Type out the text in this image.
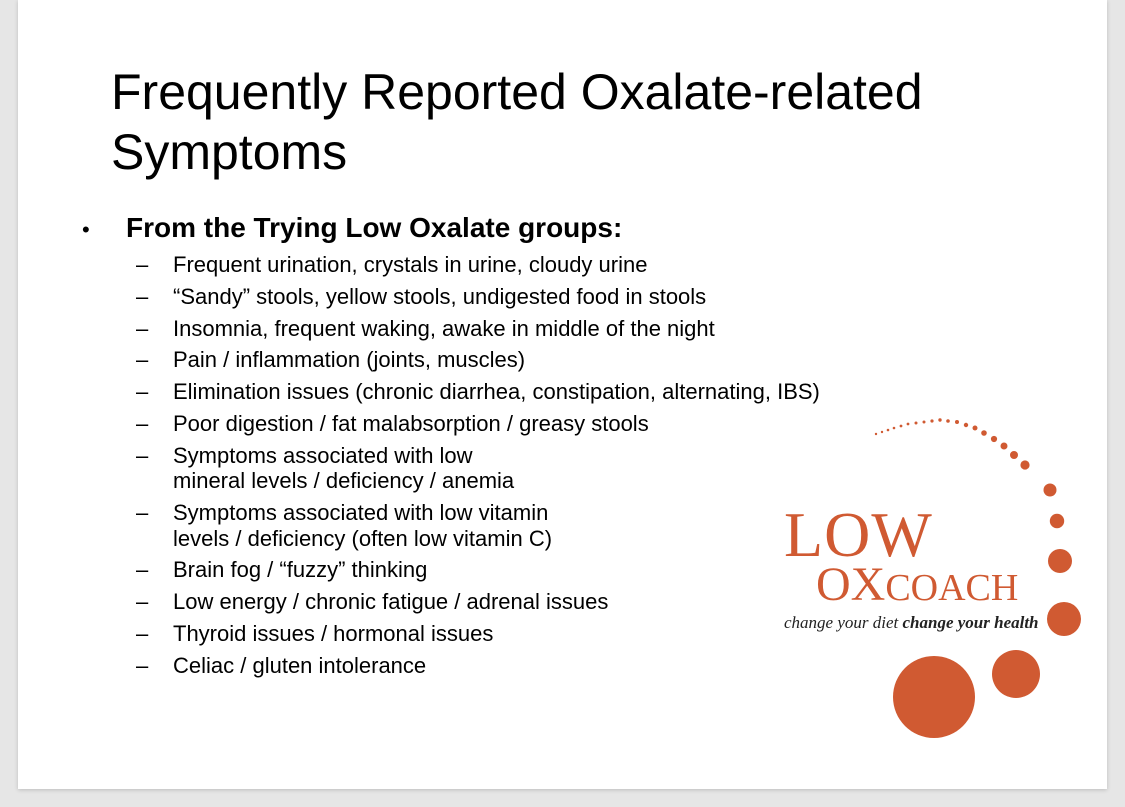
Frequently Reported Oxalate-related Symptoms
•	From the Trying Low Oxalate groups:
–	Frequent urination, crystals in urine, cloudy urine
–	“Sandy” stools, yellow stools, undigested food in stools
–	Insomnia, frequent waking, awake in middle of the night
–	Pain / inflammation (joints, muscles)
–	Elimination issues (chronic diarrhea, constipation, alternating, IBS)
–	Poor digestion / fat malabsorption / greasy stools
–	Symptoms associated with low
mineral levels / deficiency / anemia
–	Symptoms associated with low vitamin
levels / deficiency (often low vitamin C)
–	Brain fog / “fuzzy” thinking
–	Low energy / chronic fatigue / adrenal issues
–	Thyroid issues / hormonal issues
–	Celiac / gluten intolerance
LOW
OXCOACH
change your diet change your health
